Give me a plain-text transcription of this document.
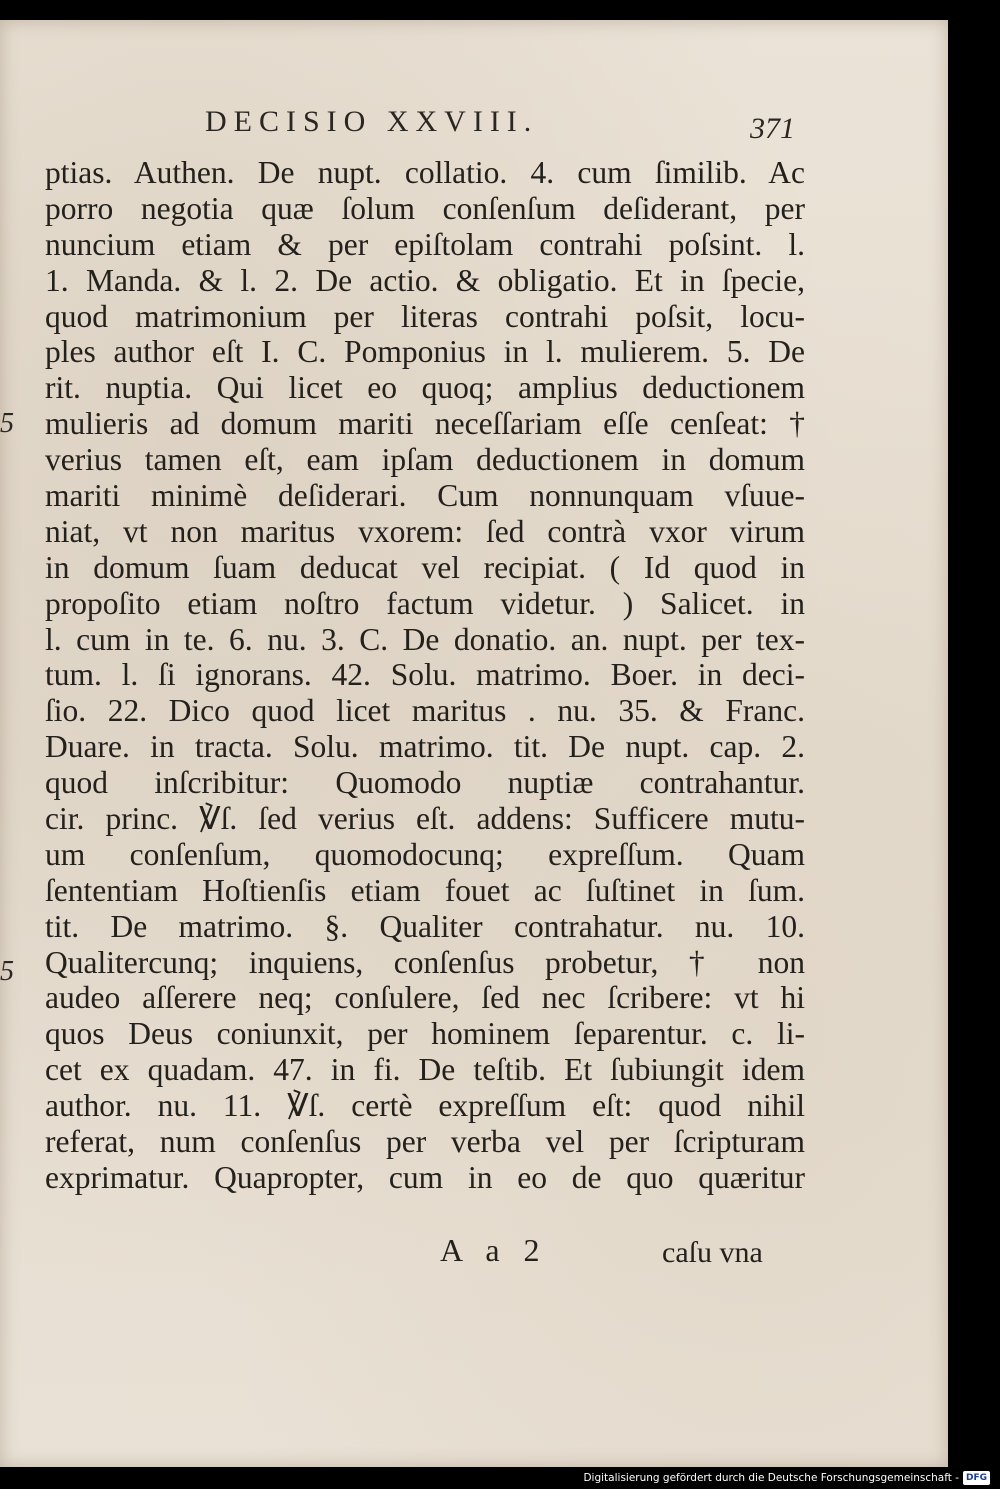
DECISIO XXVIII.	371
ptias. Authen. De nupt. collatio. 4. cum ſimilib. Ac
porro negotia quæ ſolum conſenſum deſiderant, per
nuncium etiam & per epiſtolam contrahi poſsint. l.
1. Manda. & l. 2. De actio. & obligatio. Et in ſpecie,
quod matrimonium per literas contrahi poſsit, locu-
ples author eſt I. C. Pomponius in l. mulierem. 5. De
rit. nuptia. Qui licet eo quoq; amplius deductionem
mulieris ad domum mariti neceſſariam eſſe cenſeat: †
verius tamen eſt, eam ipſam deductionem in domum
mariti minimè deſiderari. Cum nonnunquam vſuue-
niat, vt non maritus vxorem: ſed contrà vxor virum
in domum ſuam deducat vel recipiat. ( Id quod in
propoſito etiam noſtro factum videtur. ) Salicet. in
l. cum in te. 6. nu. 3. C. De donatio. an. nupt. per tex-
tum. l. ſi ignorans. 42. Solu. matrimo. Boer. in deci-
ſio. 22. Dico quod licet maritus . nu. 35. & Franc.
Duare. in tracta. Solu. matrimo. tit. De nupt. cap. 2.
quod inſcribitur: Quomodo nuptiæ contrahantur.
cir. princ. ℣ſ. ſed verius eſt. addens: Sufficere mutu-
um conſenſum, quomodocunq; expreſſum. Quam
ſententiam Hoſtienſis etiam fouet ac ſuſtinet in ſum.
tit. De matrimo. §. Qualiter contrahatur. nu. 10.
Qualitercunq; inquiens, conſenſus probetur, † non
audeo aſſerere neq; conſulere, ſed nec ſcribere: vt hi
quos Deus coniunxit, per hominem ſeparentur. c. li-
cet ex quadam. 47. in fi. De teſtib. Et ſubiungit idem
author. nu. 11. ℣ſ. certè expreſſum eſt: quod nihil
referat, num conſenſus per verba vel per ſcripturam
exprimatur. Quapropter, cum in eo de quo quæritur
5
5
A a 2	caſu vna
Digitalisierung gefördert durch die Deutsche Forschungsgemeinschaft - DFG
